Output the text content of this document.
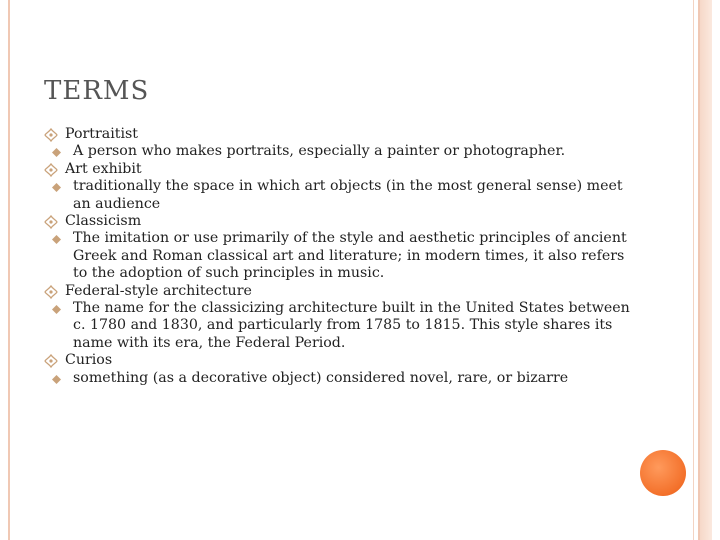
TERMS
Portraitist
A person who makes portraits, especially a painter or photographer.
Art exhibit
traditionally the space in which art objects (in the most general sense) meet an audience
Classicism
The imitation or use primarily of the style and aesthetic principles of ancient Greek and Roman classical art and literature; in modern times, it also refers to the adoption of such principles in music.
Federal-style architecture
The name for the classicizing architecture built in the United States between c. 1780 and 1830, and particularly from 1785 to 1815. This style shares its name with its era, the Federal Period.
Curios
something (as a decorative object) considered novel, rare, or bizarre
